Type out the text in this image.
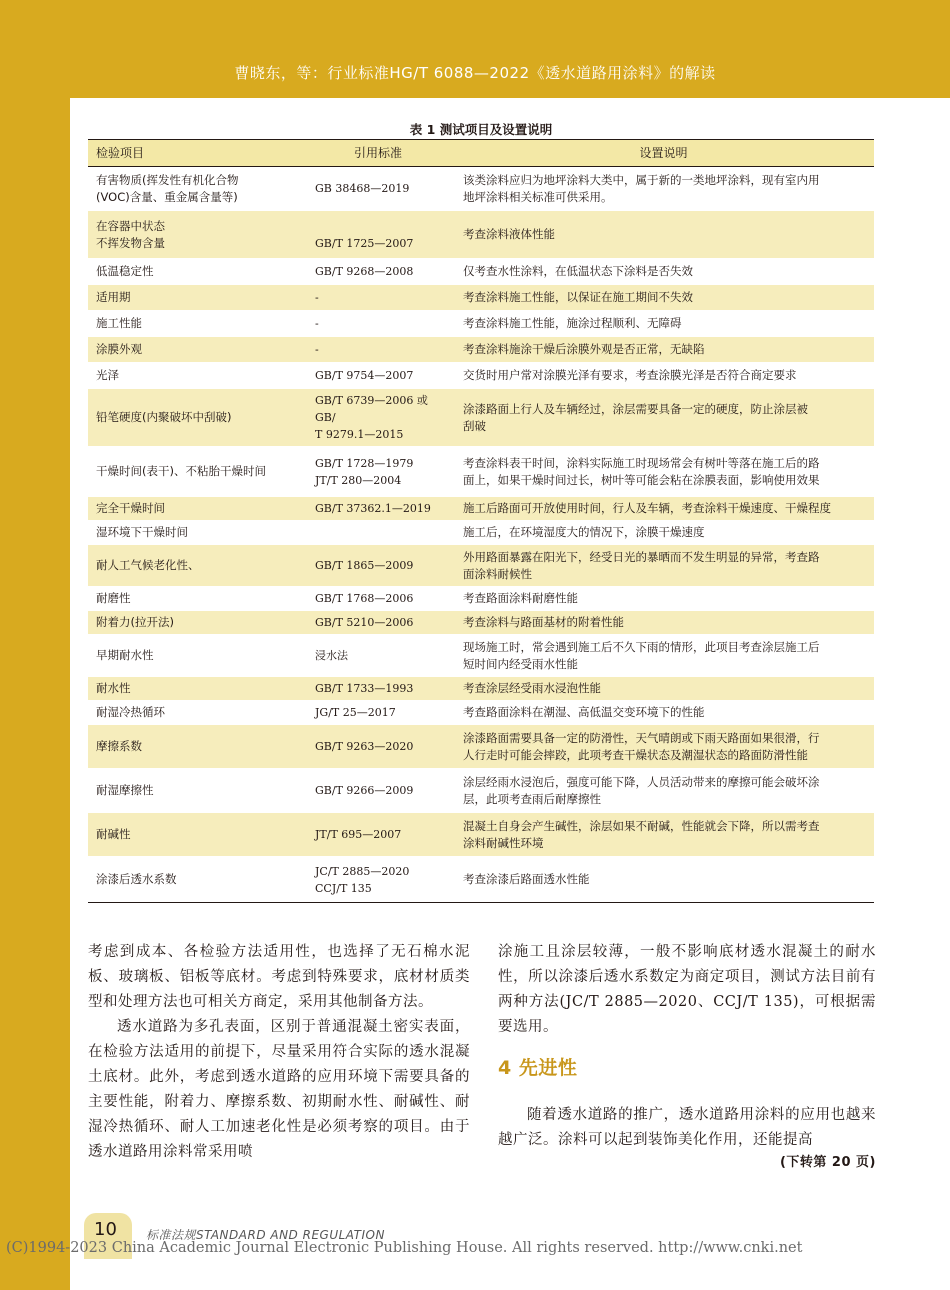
曹晓东，等：行业标准HG/T 6088—2022《透水道路用涂料》的解读
表 1 测试项目及设置说明
检验项目	引用标准	设置说明

有害物质(挥发性有机化合物
(VOC)含量、重金属含量等)	GB 38468—2019	该类涂料应归为地坪涂料大类中，属于新的一类地坪涂料，现有室内用
地坪涂料相关标准可供采用。

在容器中状态
不挥发物含量	GB/T 1725—2007	考查涂料液体性能

低温稳定性	GB/T 9268—2008	仅考查水性涂料，在低温状态下涂料是否失效

适用期	-	考查涂料施工性能，以保证在施工期间不失效

施工性能	-	考查涂料施工性能，施涂过程顺利、无障碍

涂膜外观	-	考查涂料施涂干燥后涂膜外观是否正常，无缺陷

光泽	GB/T 9754—2007	交货时用户常对涂膜光泽有要求，考查涂膜光泽是否符合商定要求

铅笔硬度(内聚破坏中刮破)	GB/T 6739—2006 或 GB/
T 9279.1—2015	涂漆路面上行人及车辆经过，涂层需要具备一定的硬度，防止涂层被
刮破

干燥时间(表干)、不粘胎干燥时间	GB/T 1728—1979
JT/T 280—2004	考查涂料表干时间，涂料实际施工时现场常会有树叶等落在施工后的路
面上，如果干燥时间过长，树叶等可能会粘在涂膜表面，影响使用效果

完全干燥时间	GB/T 37362.1—2019	施工后路面可开放使用时间，行人及车辆，考查涂料干燥速度、干燥程度

湿环境下干燥时间		施工后，在环境湿度大的情况下，涂膜干燥速度

耐人工气候老化性、	GB/T 1865—2009	外用路面暴露在阳光下，经受日光的暴晒而不发生明显的异常，考查路
面涂料耐候性

耐磨性	GB/T 1768—2006	考查路面涂料耐磨性能

附着力(拉开法)	GB/T 5210—2006	考查涂料与路面基材的附着性能

早期耐水性	浸水法	现场施工时，常会遇到施工后不久下雨的情形，此项目考查涂层施工后
短时间内经受雨水性能

耐水性	GB/T 1733—1993	考查涂层经受雨水浸泡性能

耐湿冷热循环	JG/T 25—2017	考查路面涂料在潮湿、高低温交变环境下的性能

摩擦系数	GB/T 9263—2020	涂漆路面需要具备一定的防滑性，天气晴朗或下雨天路面如果很滑，行
人行走时可能会摔跤，此项考查干燥状态及潮湿状态的路面防滑性能

耐湿摩擦性	GB/T 9266—2009	涂层经雨水浸泡后，强度可能下降，人员活动带来的摩擦可能会破坏涂
层，此项考查雨后耐摩擦性

耐碱性	JT/T 695—2007	混凝土自身会产生碱性，涂层如果不耐碱，性能就会下降，所以需考查
涂料耐碱性环境

涂漆后透水系数	JC/T 2885—2020
CCJ/T 135	考查涂漆后路面透水性能

考虑到成本、各检验方法适用性，也选择了无石棉水泥板、玻璃板、铝板等底材。考虑到特殊要求，底材材质类型和处理方法也可相关方商定，采用其他制备方法。

透水道路为多孔表面，区别于普通混凝土密实表面，在检验方法适用的前提下，尽量采用符合实际的透水混凝土底材。此外，考虑到透水道路的应用环境下需要具备的主要性能，附着力、摩擦系数、初期耐水性、耐碱性、耐湿冷热循环、耐人工加速老化性是必须考察的项目。由于透水道路用涂料常采用喷

涂施工且涂层较薄，一般不影响底材透水混凝土的耐水性，所以涂漆后透水系数定为商定项目，测试方法目前有两种方法(JC/T 2885—2020、CCJ/T 135)，可根据需要选用。

4 先进性

随着透水道路的推广，透水道路用涂料的应用也越来越广泛。涂料可以起到装饰美化作用，还能提高

(下转第 20 页)

10 标准法规STANDARD AND REGULATION
(C)1994-2023 China Academic Journal Electronic Publishing House. All rights reserved. http://www.cnki.net
